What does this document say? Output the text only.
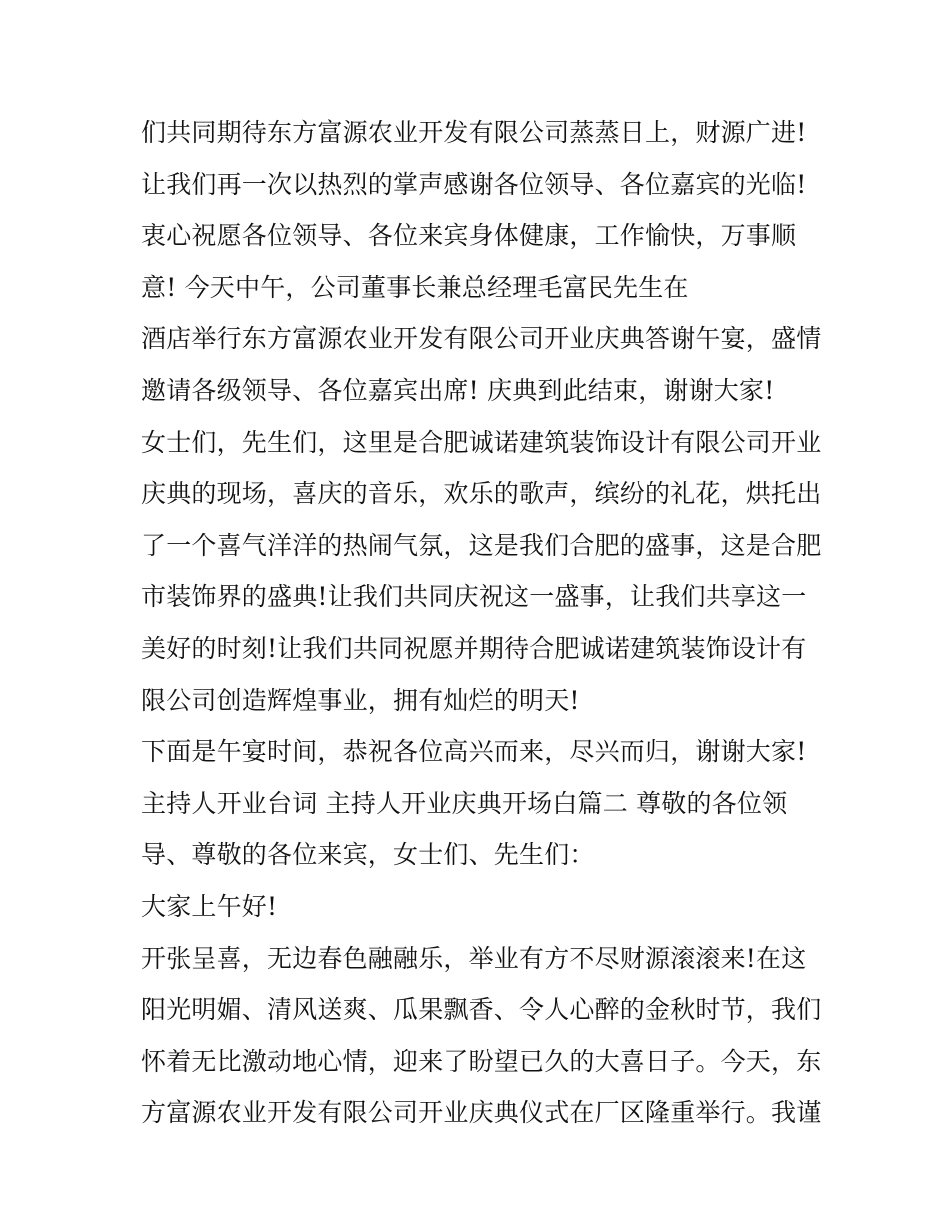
们共同期待东方富源农业开发有限公司蒸蒸日上，财源广进!
让我们再一次以热烈的掌声感谢各位领导、各位嘉宾的光临!
衷心祝愿各位领导、各位来宾身体健康，工作愉快，万事顺
意! 今天中午，公司董事长兼总经理毛富民先生在
酒店举行东方富源农业开发有限公司开业庆典答谢午宴，盛情
邀请各级领导、各位嘉宾出席! 庆典到此结束，谢谢大家!
女士们，先生们，这里是合肥诚诺建筑装饰设计有限公司开业
庆典的现场，喜庆的音乐，欢乐的歌声，缤纷的礼花，烘托出
了一个喜气洋洋的热闹气氛，这是我们合肥的盛事，这是合肥
市装饰界的盛典!让我们共同庆祝这一盛事，让我们共享这一
美好的时刻!让我们共同祝愿并期待合肥诚诺建筑装饰设计有
限公司创造辉煌事业，拥有灿烂的明天!
下面是午宴时间，恭祝各位高兴而来，尽兴而归，谢谢大家!
主持人开业台词 主持人开业庆典开场白篇二 尊敬的各位领
导、尊敬的各位来宾，女士们、先生们：
大家上午好!
开张呈喜，无边春色融融乐，举业有方不尽财源滚滚来!在这
阳光明媚、清风送爽、瓜果飘香、令人心醉的金秋时节，我们
怀着无比激动地心情，迎来了盼望已久的大喜日子。今天，东
方富源农业开发有限公司开业庆典仪式在厂区隆重举行。我谨
